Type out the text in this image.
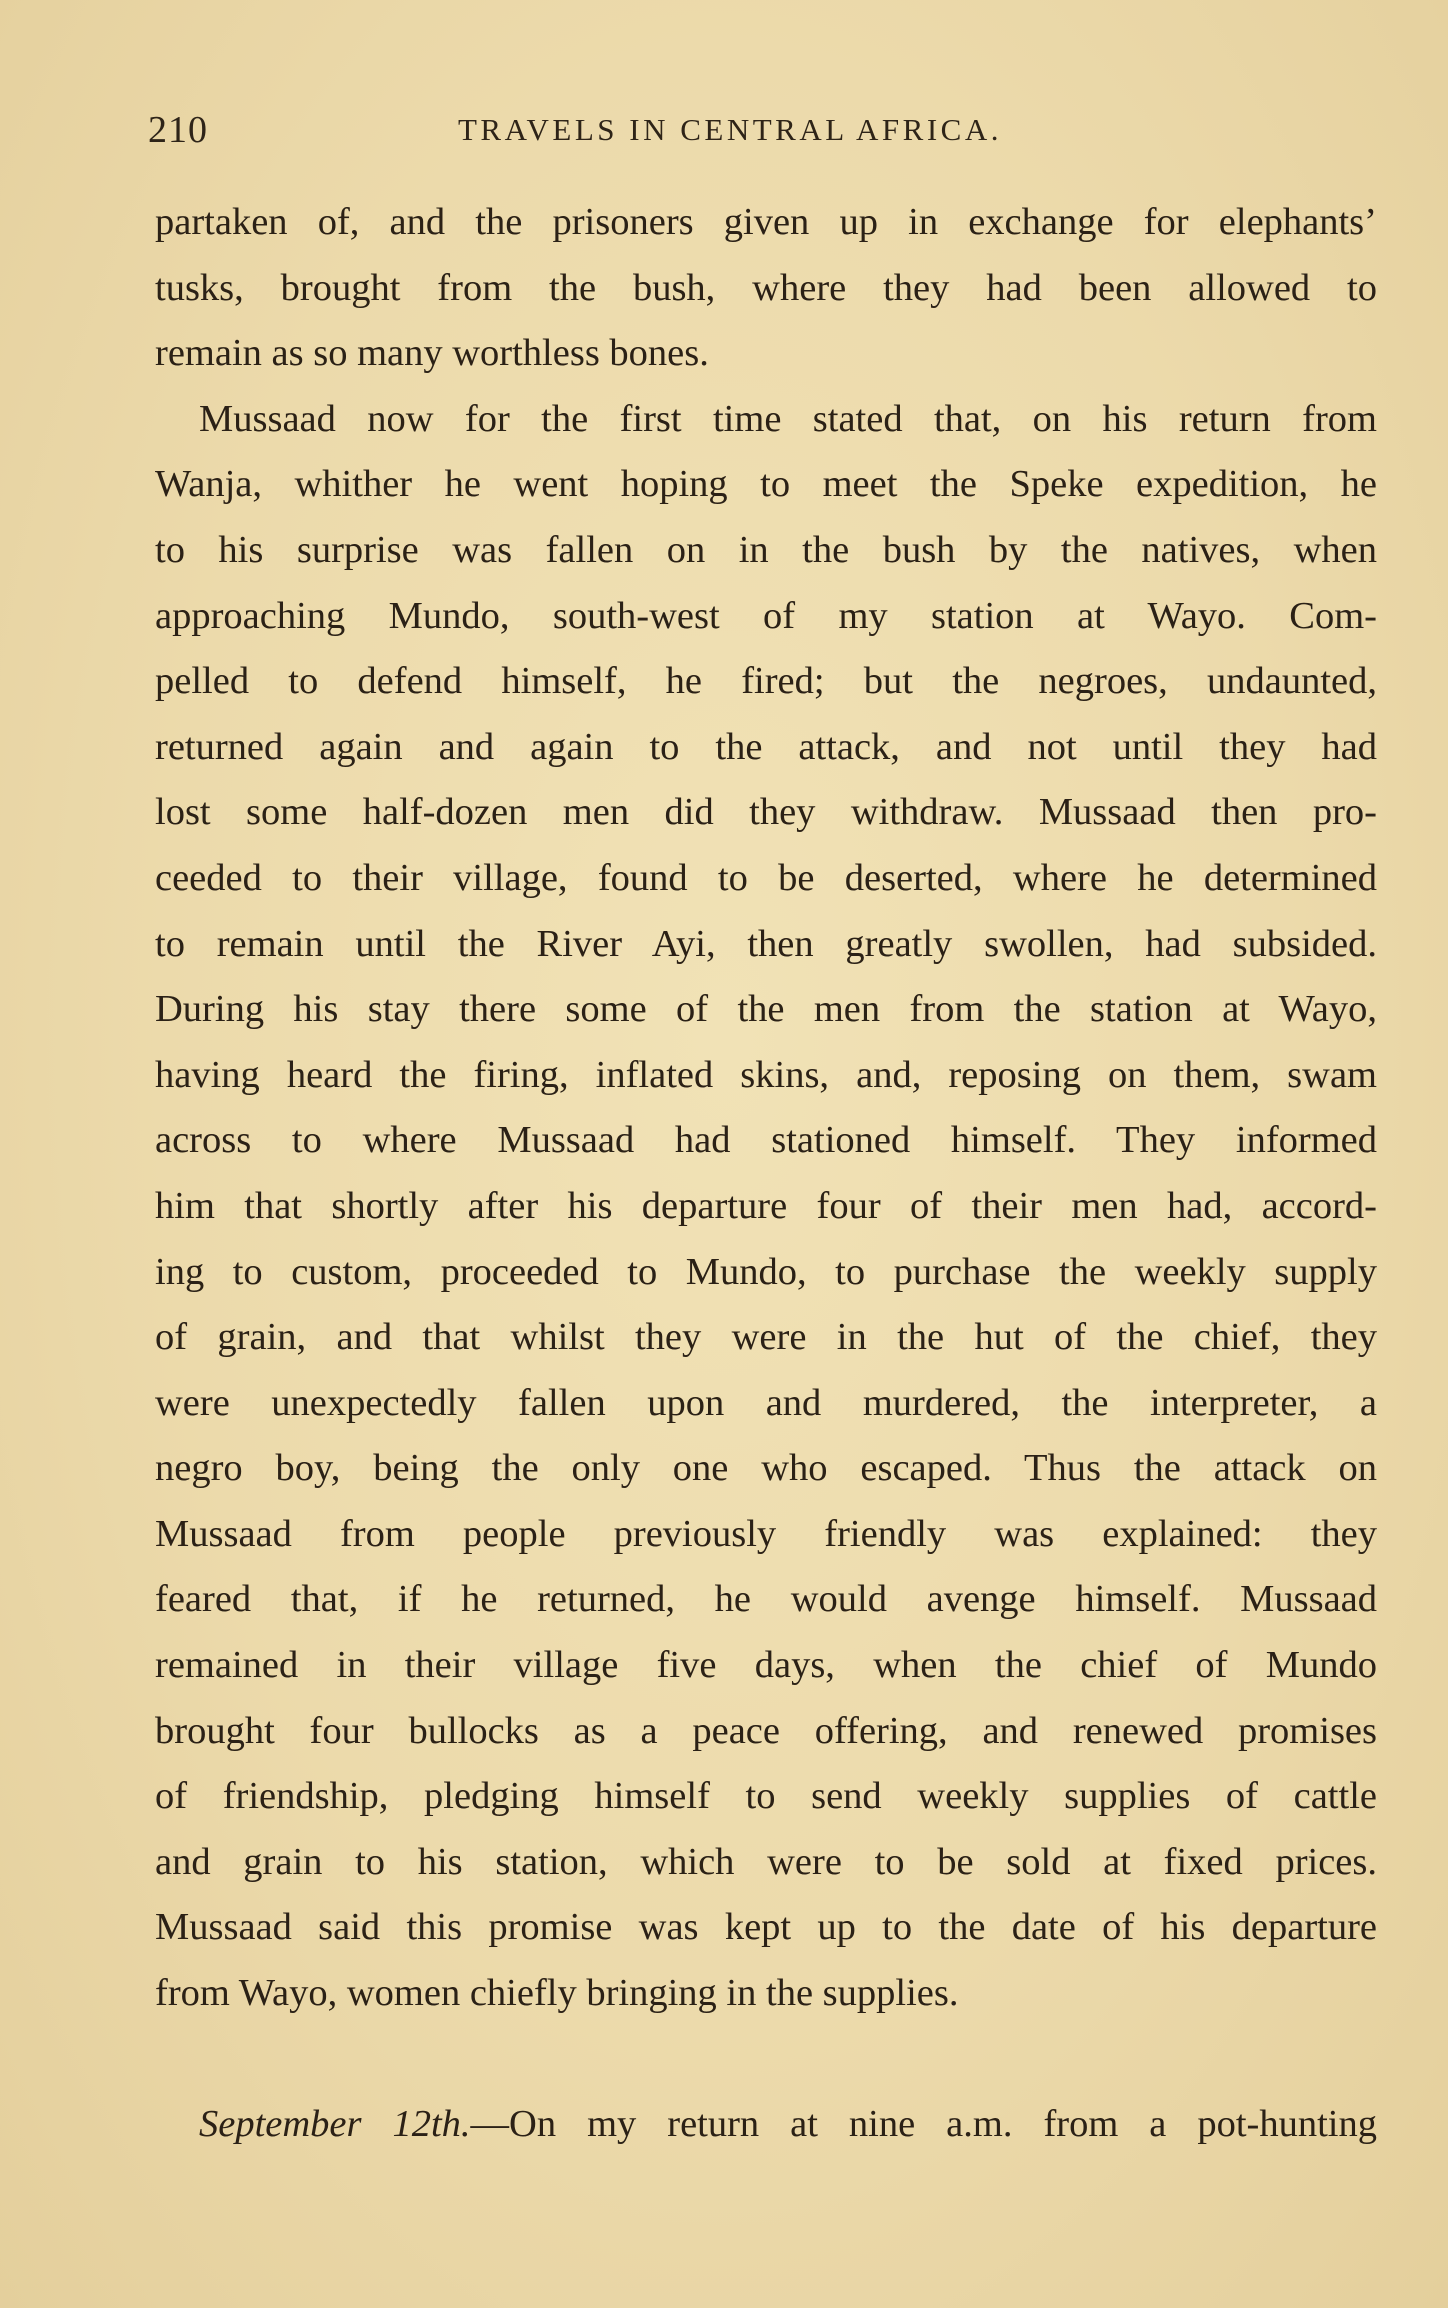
210	TRAVELS IN CENTRAL AFRICA.
partaken of, and the prisoners given up in exchange for elephants’
tusks, brought from the bush, where they had been allowed to
remain as so many worthless bones.
Mussaad now for the first time stated that, on his return from
Wanja, whither he went hoping to meet the Speke expedition, he
to his surprise was fallen on in the bush by the natives, when
approaching Mundo, south-west of my station at Wayo. Com-
pelled to defend himself, he fired; but the negroes, undaunted,
returned again and again to the attack, and not until they had
lost some half-dozen men did they withdraw. Mussaad then pro-
ceeded to their village, found to be deserted, where he determined
to remain until the River Ayi, then greatly swollen, had subsided.
During his stay there some of the men from the station at Wayo,
having heard the firing, inflated skins, and, reposing on them, swam
across to where Mussaad had stationed himself. They informed
him that shortly after his departure four of their men had, accord-
ing to custom, proceeded to Mundo, to purchase the weekly supply
of grain, and that whilst they were in the hut of the chief, they
were unexpectedly fallen upon and murdered, the interpreter, a
negro boy, being the only one who escaped. Thus the attack on
Mussaad from people previously friendly was explained: they
feared that, if he returned, he would avenge himself. Mussaad
remained in their village five days, when the chief of Mundo
brought four bullocks as a peace offering, and renewed promises
of friendship, pledging himself to send weekly supplies of cattle
and grain to his station, which were to be sold at fixed prices.
Mussaad said this promise was kept up to the date of his departure
from Wayo, women chiefly bringing in the supplies.
September 12th.—On my return at nine a.m. from a pot-hunting
